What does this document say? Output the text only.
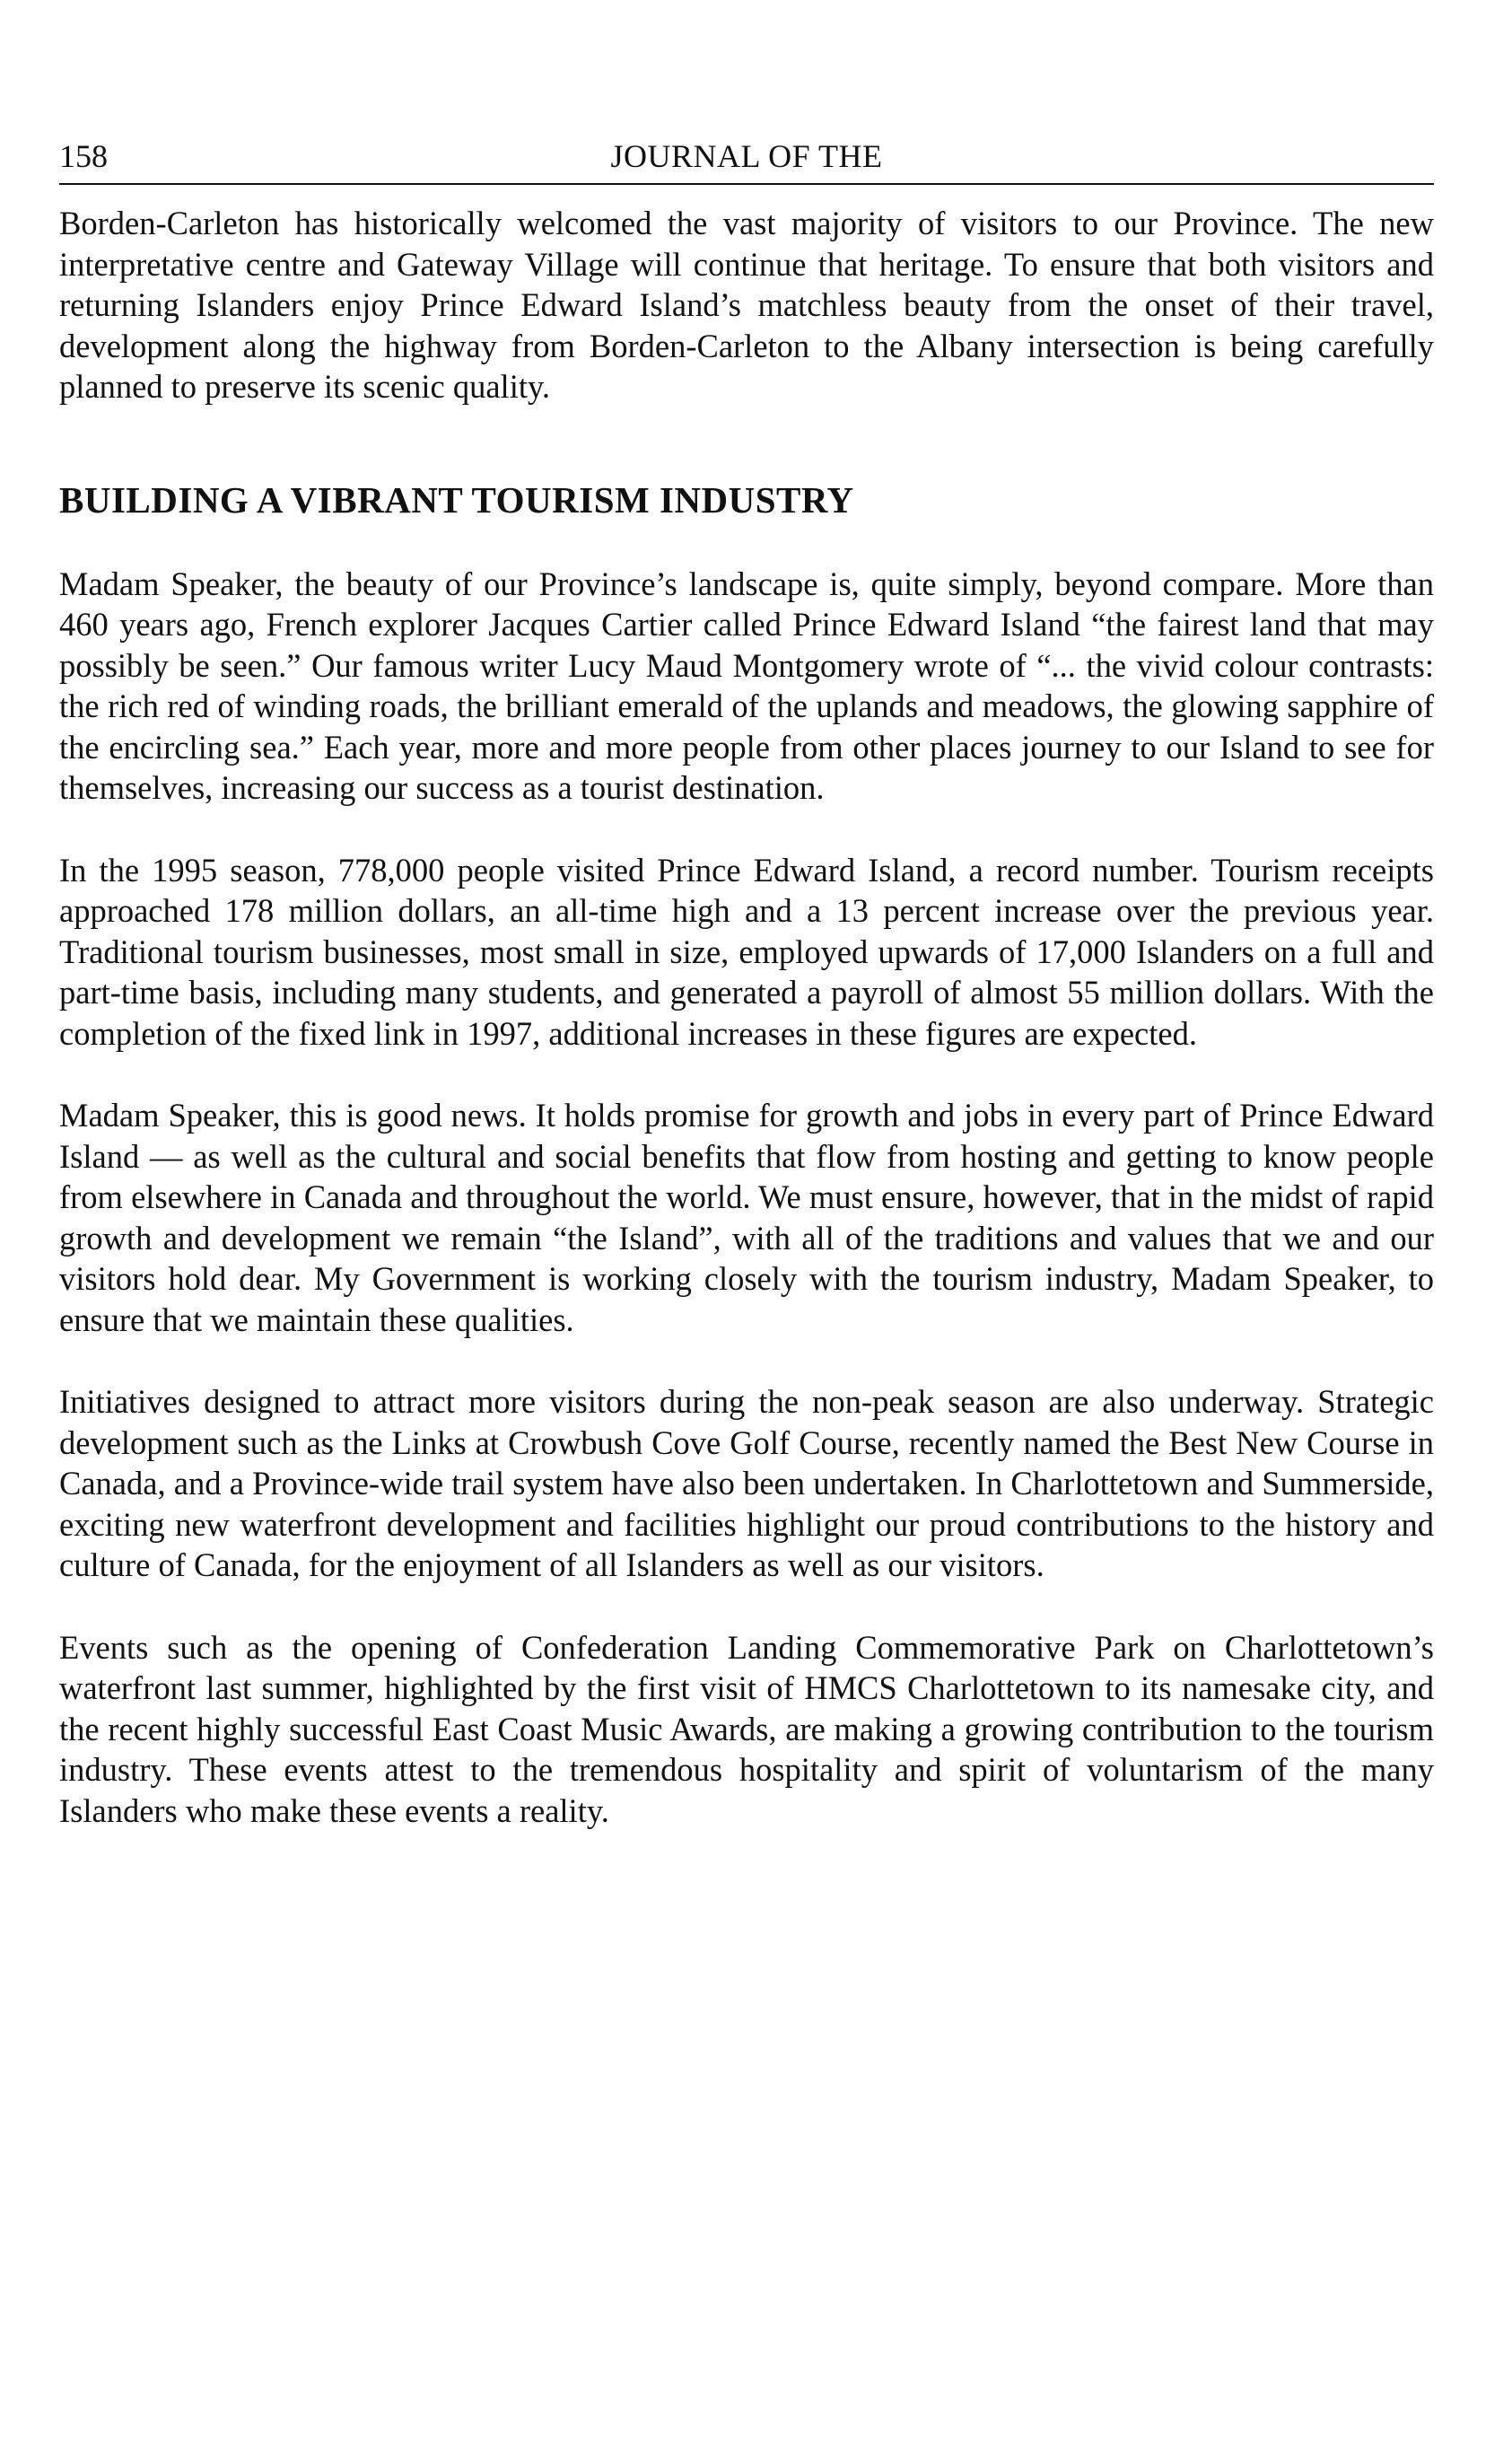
158	JOURNAL OF THE

Borden-Carleton has historically welcomed the vast majority of visitors to our Province. The new interpretative centre and Gateway Village will continue that heritage. To ensure that both visitors and returning Islanders enjoy Prince Edward Island’s matchless beauty from the onset of their travel, development along the highway from Borden-Carleton to the Albany intersection is being carefully planned to preserve its scenic quality.

BUILDING A VIBRANT TOURISM INDUSTRY

Madam Speaker, the beauty of our Province’s landscape is, quite simply, beyond compare. More than 460 years ago, French explorer Jacques Cartier called Prince Edward Island “the fairest land that may possibly be seen.” Our famous writer Lucy Maud Montgomery wrote of “... the vivid colour contrasts: the rich red of winding roads, the brilliant emerald of the uplands and meadows, the glowing sapphire of the encircling sea.” Each year, more and more people from other places journey to our Island to see for themselves, increasing our success as a tourist destination.

In the 1995 season, 778,000 people visited Prince Edward Island, a record number. Tourism receipts approached 178 million dollars, an all-time high and a 13 percent increase over the previous year. Traditional tourism businesses, most small in size, employed upwards of 17,000 Islanders on a full and part-time basis, including many students, and generated a payroll of almost 55 million dollars. With the completion of the fixed link in 1997, additional increases in these figures are expected.

Madam Speaker, this is good news. It holds promise for growth and jobs in every part of Prince Edward Island — as well as the cultural and social benefits that flow from hosting and getting to know people from elsewhere in Canada and throughout the world. We must ensure, however, that in the midst of rapid growth and development we remain “the Island”, with all of the traditions and values that we and our visitors hold dear. My Government is working closely with the tourism industry, Madam Speaker, to ensure that we maintain these qualities.

Initiatives designed to attract more visitors during the non-peak season are also underway. Strategic development such as the Links at Crowbush Cove Golf Course, recently named the Best New Course in Canada, and a Province-wide trail system have also been undertaken. In Charlottetown and Summerside, exciting new waterfront development and facilities highlight our proud contributions to the history and culture of Canada, for the enjoyment of all Islanders as well as our visitors.

Events such as the opening of Confederation Landing Commemorative Park on Charlottetown’s waterfront last summer, highlighted by the first visit of HMCS Charlottetown to its namesake city, and the recent highly successful East Coast Music Awards, are making a growing contribution to the tourism industry. These events attest to the tremendous hospitality and spirit of voluntarism of the many Islanders who make these events a reality.
